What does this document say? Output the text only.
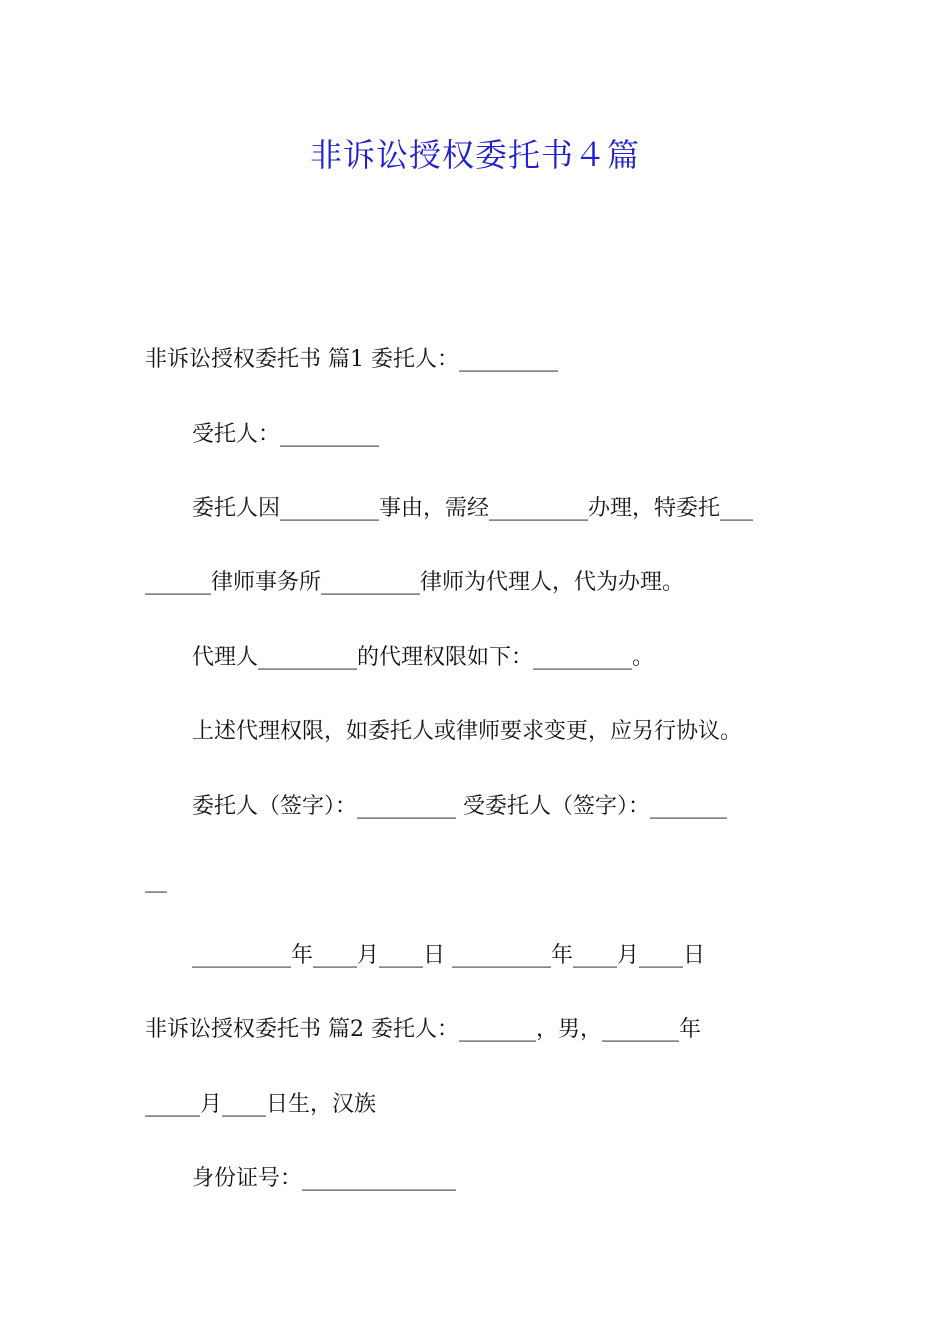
非诉讼授权委托书４篇
非诉讼授权委托书 篇1 委托人：_________
受托人：_________
委托人因_________事由，需经_________办理，特委托___
______律师事务所_________律师为代理人，代为办理。
代理人_________的代理权限如下：_________。
上述代理权限，如委托人或律师要求变更，应另行协议。
委托人（签字）：_________ 受委托人（签字）：_______
__
_________年____月____日 _________年____月____日
非诉讼授权委托书 篇2 委托人：_______，男，_______年
_____月____日生，汉族
身份证号：______________
